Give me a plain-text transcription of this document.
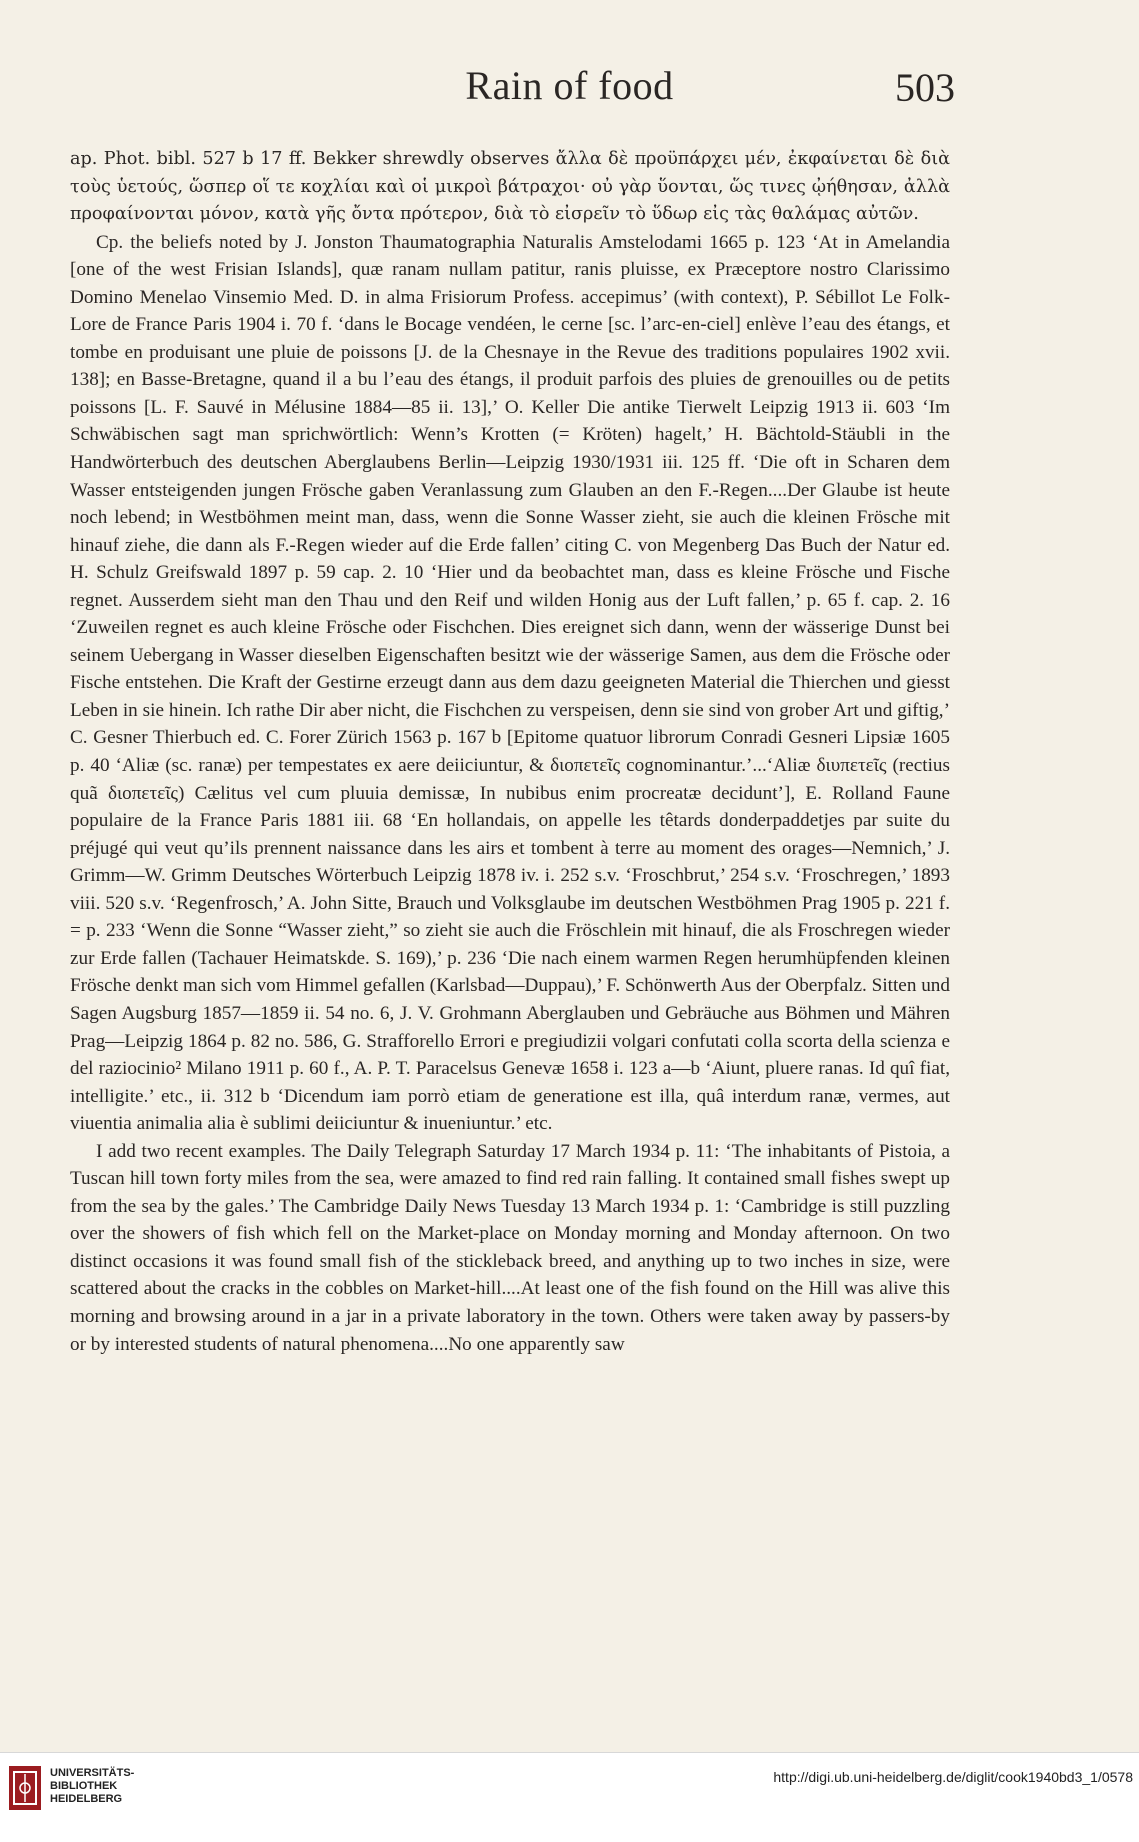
Rain of food	503

ap. Phot. bibl. 527 b 17 ff. Bekker shrewdly observes ἄλλα δὲ προϋπάρχει μέν, ἐκφαίνεται δὲ διὰ τοὺς ὑετούς, ὥσπερ οἵ τε κοχλίαι καὶ οἱ μικροὶ βάτραχοι· οὐ γὰρ ὕονται, ὥς τινες ᾠήθησαν, ἀλλὰ προφαίνονται μόνον, κατὰ γῆς ὄντα πρότερον, διὰ τὸ εἰσρεῖν τὸ ὕδωρ εἰς τὰς θαλάμας αὐτῶν.

Cp. the beliefs noted by J. Jonston Thaumatographia Naturalis Amstelodami 1665 p. 123 ‘At in Amelandia [one of the west Frisian Islands], quæ ranam nullam patitur, ranis pluisse, ex Præceptore nostro Clarissimo Domino Menelao Vinsemio Med. D. in alma Frisiorum Profess. accepimus’ (with context), P. Sébillot Le Folk-Lore de France Paris 1904 i. 70 f. ‘dans le Bocage vendéen, le cerne [sc. l’arc-en-ciel] enlève l’eau des étangs, et tombe en produisant une pluie de poissons [J. de la Chesnaye in the Revue des traditions populaires 1902 xvii. 138]; en Basse-Bretagne, quand il a bu l’eau des étangs, il produit parfois des pluies de grenouilles ou de petits poissons [L. F. Sauvé in Mélusine 1884—85 ii. 13],’ O. Keller Die antike Tierwelt Leipzig 1913 ii. 603 ‘Im Schwäbischen sagt man sprichwörtlich: Wenn’s Krotten (= Kröten) hagelt,’ H. Bächtold-Stäubli in the Handwörterbuch des deutschen Aberglaubens Berlin—Leipzig 1930/1931 iii. 125 ff. ‘Die oft in Scharen dem Wasser entsteigenden jungen Frösche gaben Veranlassung zum Glauben an den F.-Regen....Der Glaube ist heute noch lebend; in Westböhmen meint man, dass, wenn die Sonne Wasser zieht, sie auch die kleinen Frösche mit hinauf ziehe, die dann als F.-Regen wieder auf die Erde fallen’ citing C. von Megenberg Das Buch der Natur ed. H. Schulz Greifswald 1897 p. 59 cap. 2. 10 ‘Hier und da beobachtet man, dass es kleine Frösche und Fische regnet. Ausserdem sieht man den Thau und den Reif und wilden Honig aus der Luft fallen,’ p. 65 f. cap. 2. 16 ‘Zuweilen regnet es auch kleine Frösche oder Fischchen. Dies ereignet sich dann, wenn der wässerige Dunst bei seinem Uebergang in Wasser dieselben Eigenschaften besitzt wie der wässerige Samen, aus dem die Frösche oder Fische entstehen. Die Kraft der Gestirne erzeugt dann aus dem dazu geeigneten Material die Thierchen und giesst Leben in sie hinein. Ich rathe Dir aber nicht, die Fischchen zu verspeisen, denn sie sind von grober Art und giftig,’ C. Gesner Thierbuch ed. C. Forer Zürich 1563 p. 167 b [Epitome quatuor librorum Conradi Gesneri Lipsiæ 1605 p. 40 ‘Aliæ (sc. ranæ) per tempestates ex aere deiiciuntur, & διοπετεῖς cognominantur.’...‘Aliæ διυπετεῖς (rectius quã διοπετεῖς) Cælitus vel cum pluuia demissæ, In nubibus enim procreatæ decidunt’], E. Rolland Faune populaire de la France Paris 1881 iii. 68 ‘En hollandais, on appelle les têtards donderpaddetjes par suite du préjugé qui veut qu’ils prennent naissance dans les airs et tombent à terre au moment des orages—Nemnich,’ J. Grimm—W. Grimm Deutsches Wörterbuch Leipzig 1878 iv. i. 252 s.v. ‘Froschbrut,’ 254 s.v. ‘Froschregen,’ 1893 viii. 520 s.v. ‘Regenfrosch,’ A. John Sitte, Brauch und Volksglaube im deutschen Westböhmen Prag 1905 p. 221 f. = p. 233 ‘Wenn die Sonne “Wasser zieht,” so zieht sie auch die Fröschlein mit hinauf, die als Froschregen wieder zur Erde fallen (Tachauer Heimatskde. S. 169),’ p. 236 ‘Die nach einem warmen Regen herumhüpfenden kleinen Frösche denkt man sich vom Himmel gefallen (Karlsbad—Duppau),’ F. Schönwerth Aus der Oberpfalz. Sitten und Sagen Augsburg 1857—1859 ii. 54 no. 6, J. V. Grohmann Aberglauben und Gebräuche aus Böhmen und Mähren Prag—Leipzig 1864 p. 82 no. 586, G. Strafforello Errori e pregiudizii volgari confutati colla scorta della scienza e del raziocinio² Milano 1911 p. 60 f., A. P. T. Paracelsus Genevæ 1658 i. 123 a—b ‘Aiunt, pluere ranas. Id quî fiat, intelligite.’ etc., ii. 312 b ‘Dicendum iam porrò etiam de generatione est illa, quâ interdum ranæ, vermes, aut viuentia animalia alia è sublimi deiiciuntur & inueniuntur.’ etc.

I add two recent examples. The Daily Telegraph Saturday 17 March 1934 p. 11: ‘The inhabitants of Pistoia, a Tuscan hill town forty miles from the sea, were amazed to find red rain falling. It contained small fishes swept up from the sea by the gales.’ The Cambridge Daily News Tuesday 13 March 1934 p. 1: ‘Cambridge is still puzzling over the showers of fish which fell on the Market-place on Monday morning and Monday afternoon. On two distinct occasions it was found small fish of the stickleback breed, and anything up to two inches in size, were scattered about the cracks in the cobbles on Market-hill....At least one of the fish found on the Hill was alive this morning and browsing around in a jar in a private laboratory in the town. Others were taken away by passers-by or by interested students of natural phenomena....No one apparently saw

UNIVERSITÄTS-
BIBLIOTHEK
HEIDELBERG
http://digi.ub.uni-heidelberg.de/diglit/cook1940bd3_1/0578
